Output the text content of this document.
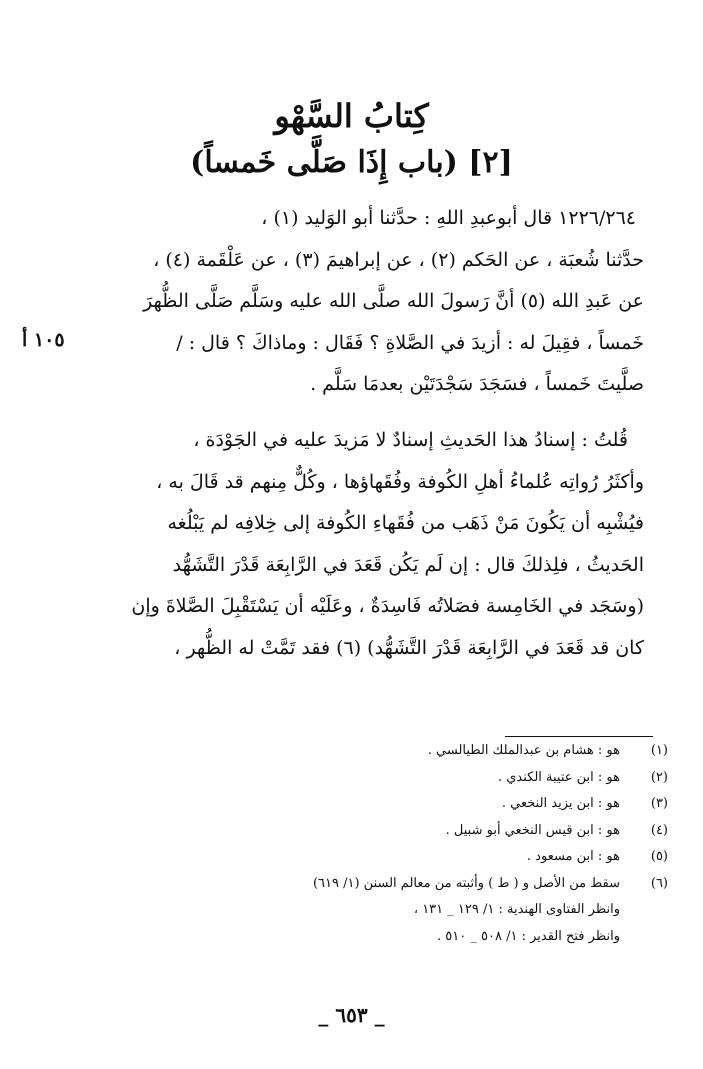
كِتابُ السَّهْو
[٢] (باب إِذَا صَلَّى خَمساً)
١٢٢٦/٢٦٤ قال أبوعبدِ اللهِ : حدَّثنا أبو الوَليد (١) ،
حدَّثنا شُعبَة ، عن الحَكم (٢) ، عن إبراهيمَ (٣) ، عن عَلْقَمة (٤) ،
عن عَبدِ الله (٥) أنَّ رَسولَ الله صلَّى الله عليه وسَلَّم صَلَّى الظُّهرَ
خَمساً ، فقِيلَ له : أزيدَ في الصَّلاةِ ؟ فَقَال : وماذاكَ ؟ قال : /
صلَّيتَ خَمساً ، فسَجَدَ سَجْدَتَيْن بعدمَا سَلَّم .
١٠٥ أ
قُلتُ : إسنادُ هذا الحَديثِ إسنادٌ لا مَزيدَ عليه في الجَوْدَة ،
وأكثَرُ رُواتِه عُلماءُ أهلِ الكُوفة وفُقَهاؤها ، وكُلٌّ مِنهم قد قَالَ به ،
فيُشْبِه أن يَكُونَ مَنْ ذَهَب من فُقَهاءِ الكُوفة إلى خِلافِه لم يَبْلُغه
الحَديثُ ، فلِذلكَ قال : إن لَم يَكُن قَعَدَ في الرَّابِعَة قَدْرَ التَّشَهُّد
(وسَجَد في الخَامِسة فصَلاتُه فَاسِدَةٌ ، وعَلَيْه أن يَسْتَقْبِلَ الصَّلاةَ وإن
كان قد قَعَدَ في الرَّابِعَة قَدْرَ التَّشَهُّد) (٦) فقد تَمَّتْ له الظُّهر ،
(١)
هو : هشام بن عبدالملك الطيالسي .
(٢)
هو : ابن عتيبة الكندي .
(٣)
هو : ابن يزيد النخعي .
(٤)
هو : ابن قيس النخعي أبو شبيل .
(٥)
هو : ابن مسعود .
(٦)
سقط من الأصل و ( ط ) وأثبته من معالم السنن (١/ ٦١٩)
وانظر الفتاوى الهندية : ١/ ١٢٩ _ ١٣١ ،
وانظر فتح القدير : ١/ ٥٠٨ _ ٥١٠ .
_ ٦٥٣ _
